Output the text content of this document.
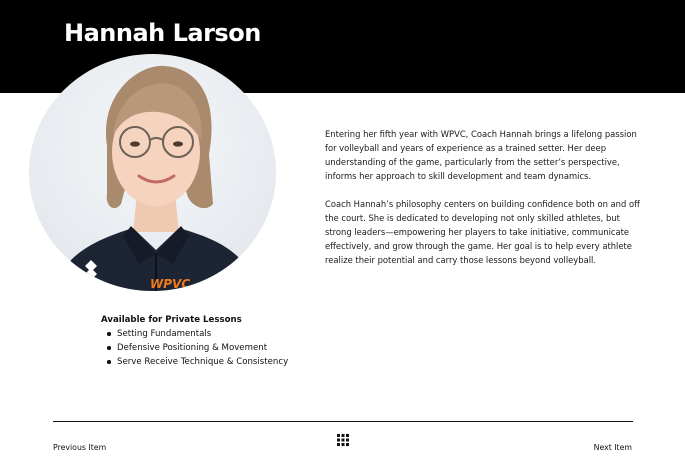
Hannah Larson
WPVC

Entering her fifth year with WPVC, Coach Hannah brings a lifelong passion for volleyball and years of experience as a trained setter. Her deep understanding of the game, particularly from the setter’s perspective, informs her approach to skill development and team dynamics.

Coach Hannah’s philosophy centers on building confidence both on and off the court. She is dedicated to developing not only skilled athletes, but strong leaders—empowering her players to take initiative, communicate effectively, and grow through the game. Her goal is to help every athlete realize their potential and carry those lessons beyond volleyball.

Available for Private Lessons
Setting Fundamentals
Defensive Positioning & Movement
Serve Receive Technique & Consistency
Previous Item	Next Item
